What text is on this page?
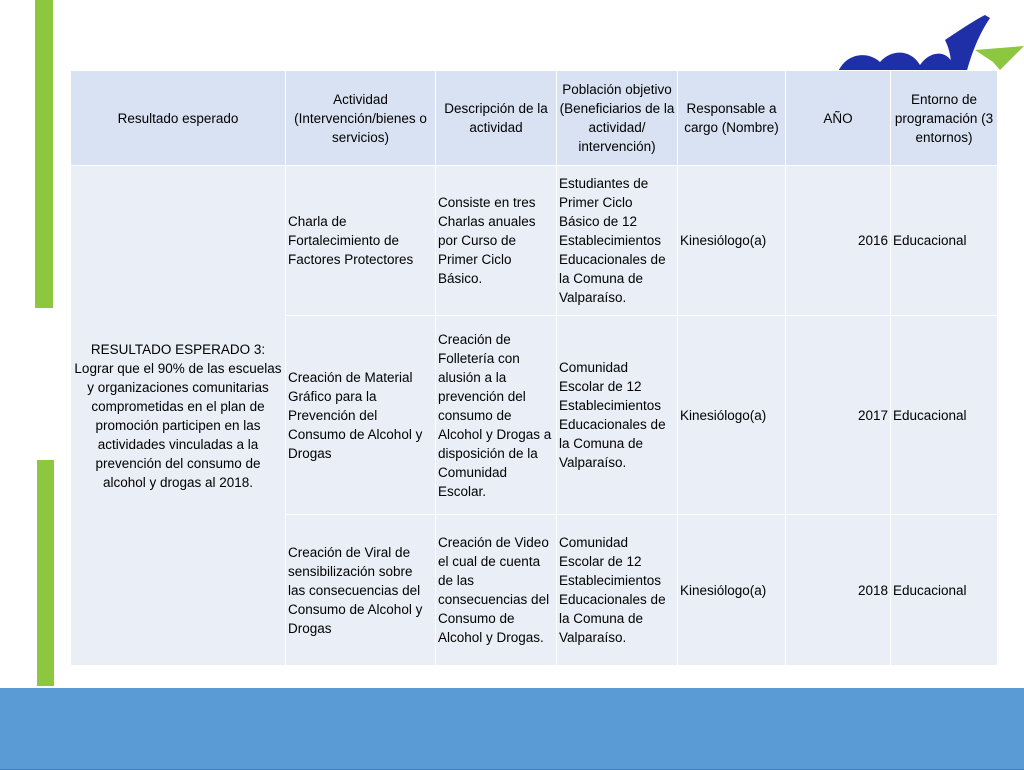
Resultado esperado	Actividad (Intervención/bienes o servicios)	Descripción de la actividad	Población objetivo (Beneficiarios de la actividad/ intervención)	Responsable a cargo (Nombre)	AÑO	Entorno de programación (3 entornos)
RESULTADO ESPERADO 3: Lograr que el 90% de las escuelas y organizaciones comunitarias comprometidas en el plan de promoción participen en las actividades vinculadas a la prevención del consumo de alcohol y drogas al 2018.	Charla de Fortalecimiento de Factores Protectores	Consiste en tres Charlas anuales por Curso de Primer Ciclo Básico.	Estudiantes de Primer Ciclo Básico de 12 Establecimientos Educacionales de la Comuna de Valparaíso.	Kinesiólogo(a)	2016	Educacional
	Creación de Material Gráfico para la Prevención del Consumo de Alcohol y Drogas	Creación de Folletería con alusión a la prevención del consumo de Alcohol y Drogas a disposición de la Comunidad Escolar.	Comunidad Escolar de 12 Establecimientos Educacionales de la Comuna de Valparaíso.	Kinesiólogo(a)	2017	Educacional
	Creación de Viral de sensibilización sobre las consecuencias del Consumo de Alcohol y Drogas	Creación de Video el cual de cuenta de las consecuencias del Consumo de Alcohol y Drogas.	Comunidad Escolar de 12 Establecimientos Educacionales de la Comuna de Valparaíso.	Kinesiólogo(a)	2018	Educacional
